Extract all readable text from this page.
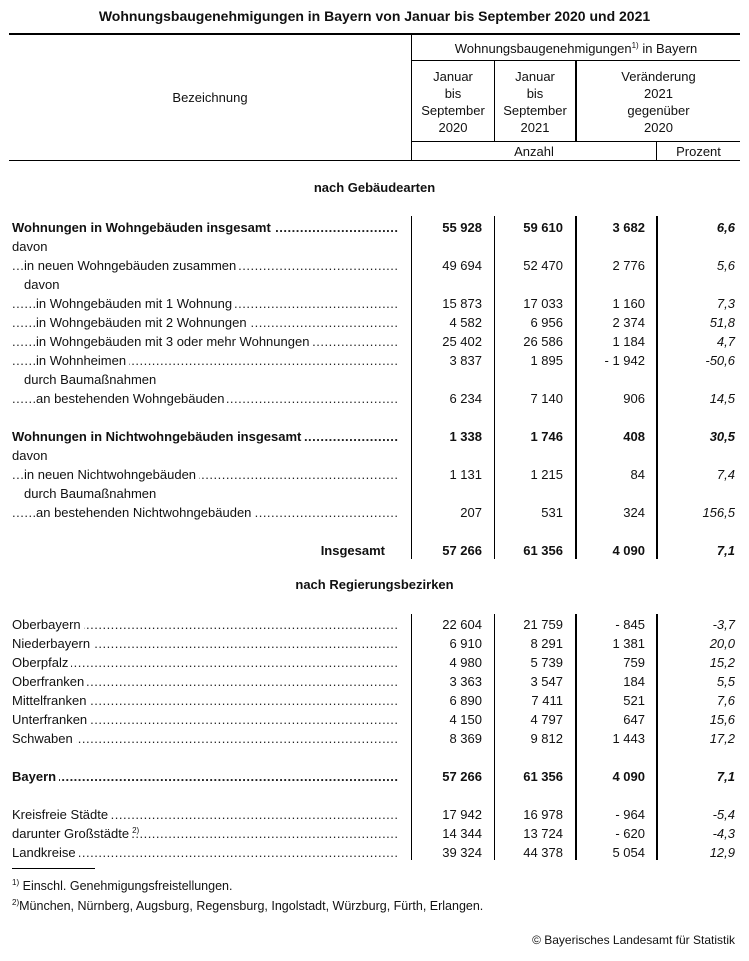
Wohnungsbaugenehmigungen in Bayern von Januar bis September 2020 und 2021
Bezeichnung
Wohnungsbaugenehmigungen$^{1)}$ in Bayern
Januar
bis
September
2020
Januar
bis
September
2021
Veränderung
2021
gegenüber
2020
Anzahl	Prozent
nach Gebäudearten
Wohnungen in Wohngebäuden insgesamt .....	55 928	59 610	3 682	6,6
davon
in neuen Wohngebäuden zusammen .....	49 694	52 470	2 776	5,6
davon
in Wohngebäuden mit 1 Wohnung .....	15 873	17 033	1 160	7,3
in Wohngebäuden mit 2 Wohnungen .....	4 582	6 956	2 374	51,8
in Wohngebäuden mit 3 oder mehr Wohnungen .....	25 402	26 586	1 184	4,7
in Wohnheimen .....	3 837	1 895	- 1 942	-50,6
durch Baumaßnahmen
an bestehenden Wohngebäuden .....	6 234	7 140	906	14,5
Wohnungen in Nichtwohngebäuden insgesamt .....	1 338	1 746	408	30,5
davon
in neuen Nichtwohngebäuden .....	1 131	1 215	84	7,4
durch Baumaßnahmen
an bestehenden Nichtwohngebäuden .....	207	531	324	156,5
Insgesamt	57 266	61 356	4 090	7,1
nach Regierungsbezirken
Oberbayern .....	22 604	21 759	- 845	-3,7
Niederbayern .....	6 910	8 291	1 381	20,0
Oberpfalz .....	4 980	5 739	759	15,2
Oberfranken .....	3 363	3 547	184	5,5
Mittelfranken .....	6 890	7 411	521	7,6
Unterfranken .....	4 150	4 797	647	15,6
Schwaben .....	8 369	9 812	1 443	17,2
Bayern .....	57 266	61 356	4 090	7,1
Kreisfreie Städte .....	17 942	16 978	- 964	-5,4
darunter Großstädte $^{2)}$ .....	14 344	13 724	- 620	-4,3
Landkreise .....	39 324	44 378	5 054	12,9
$^{1)}$ Einschl. Genehmigungsfreistellungen.
$^{2)}$München, Nürnberg, Augsburg, Regensburg, Ingolstadt, Würzburg, Fürth, Erlangen.
© Bayerisches Landesamt für Statistik
